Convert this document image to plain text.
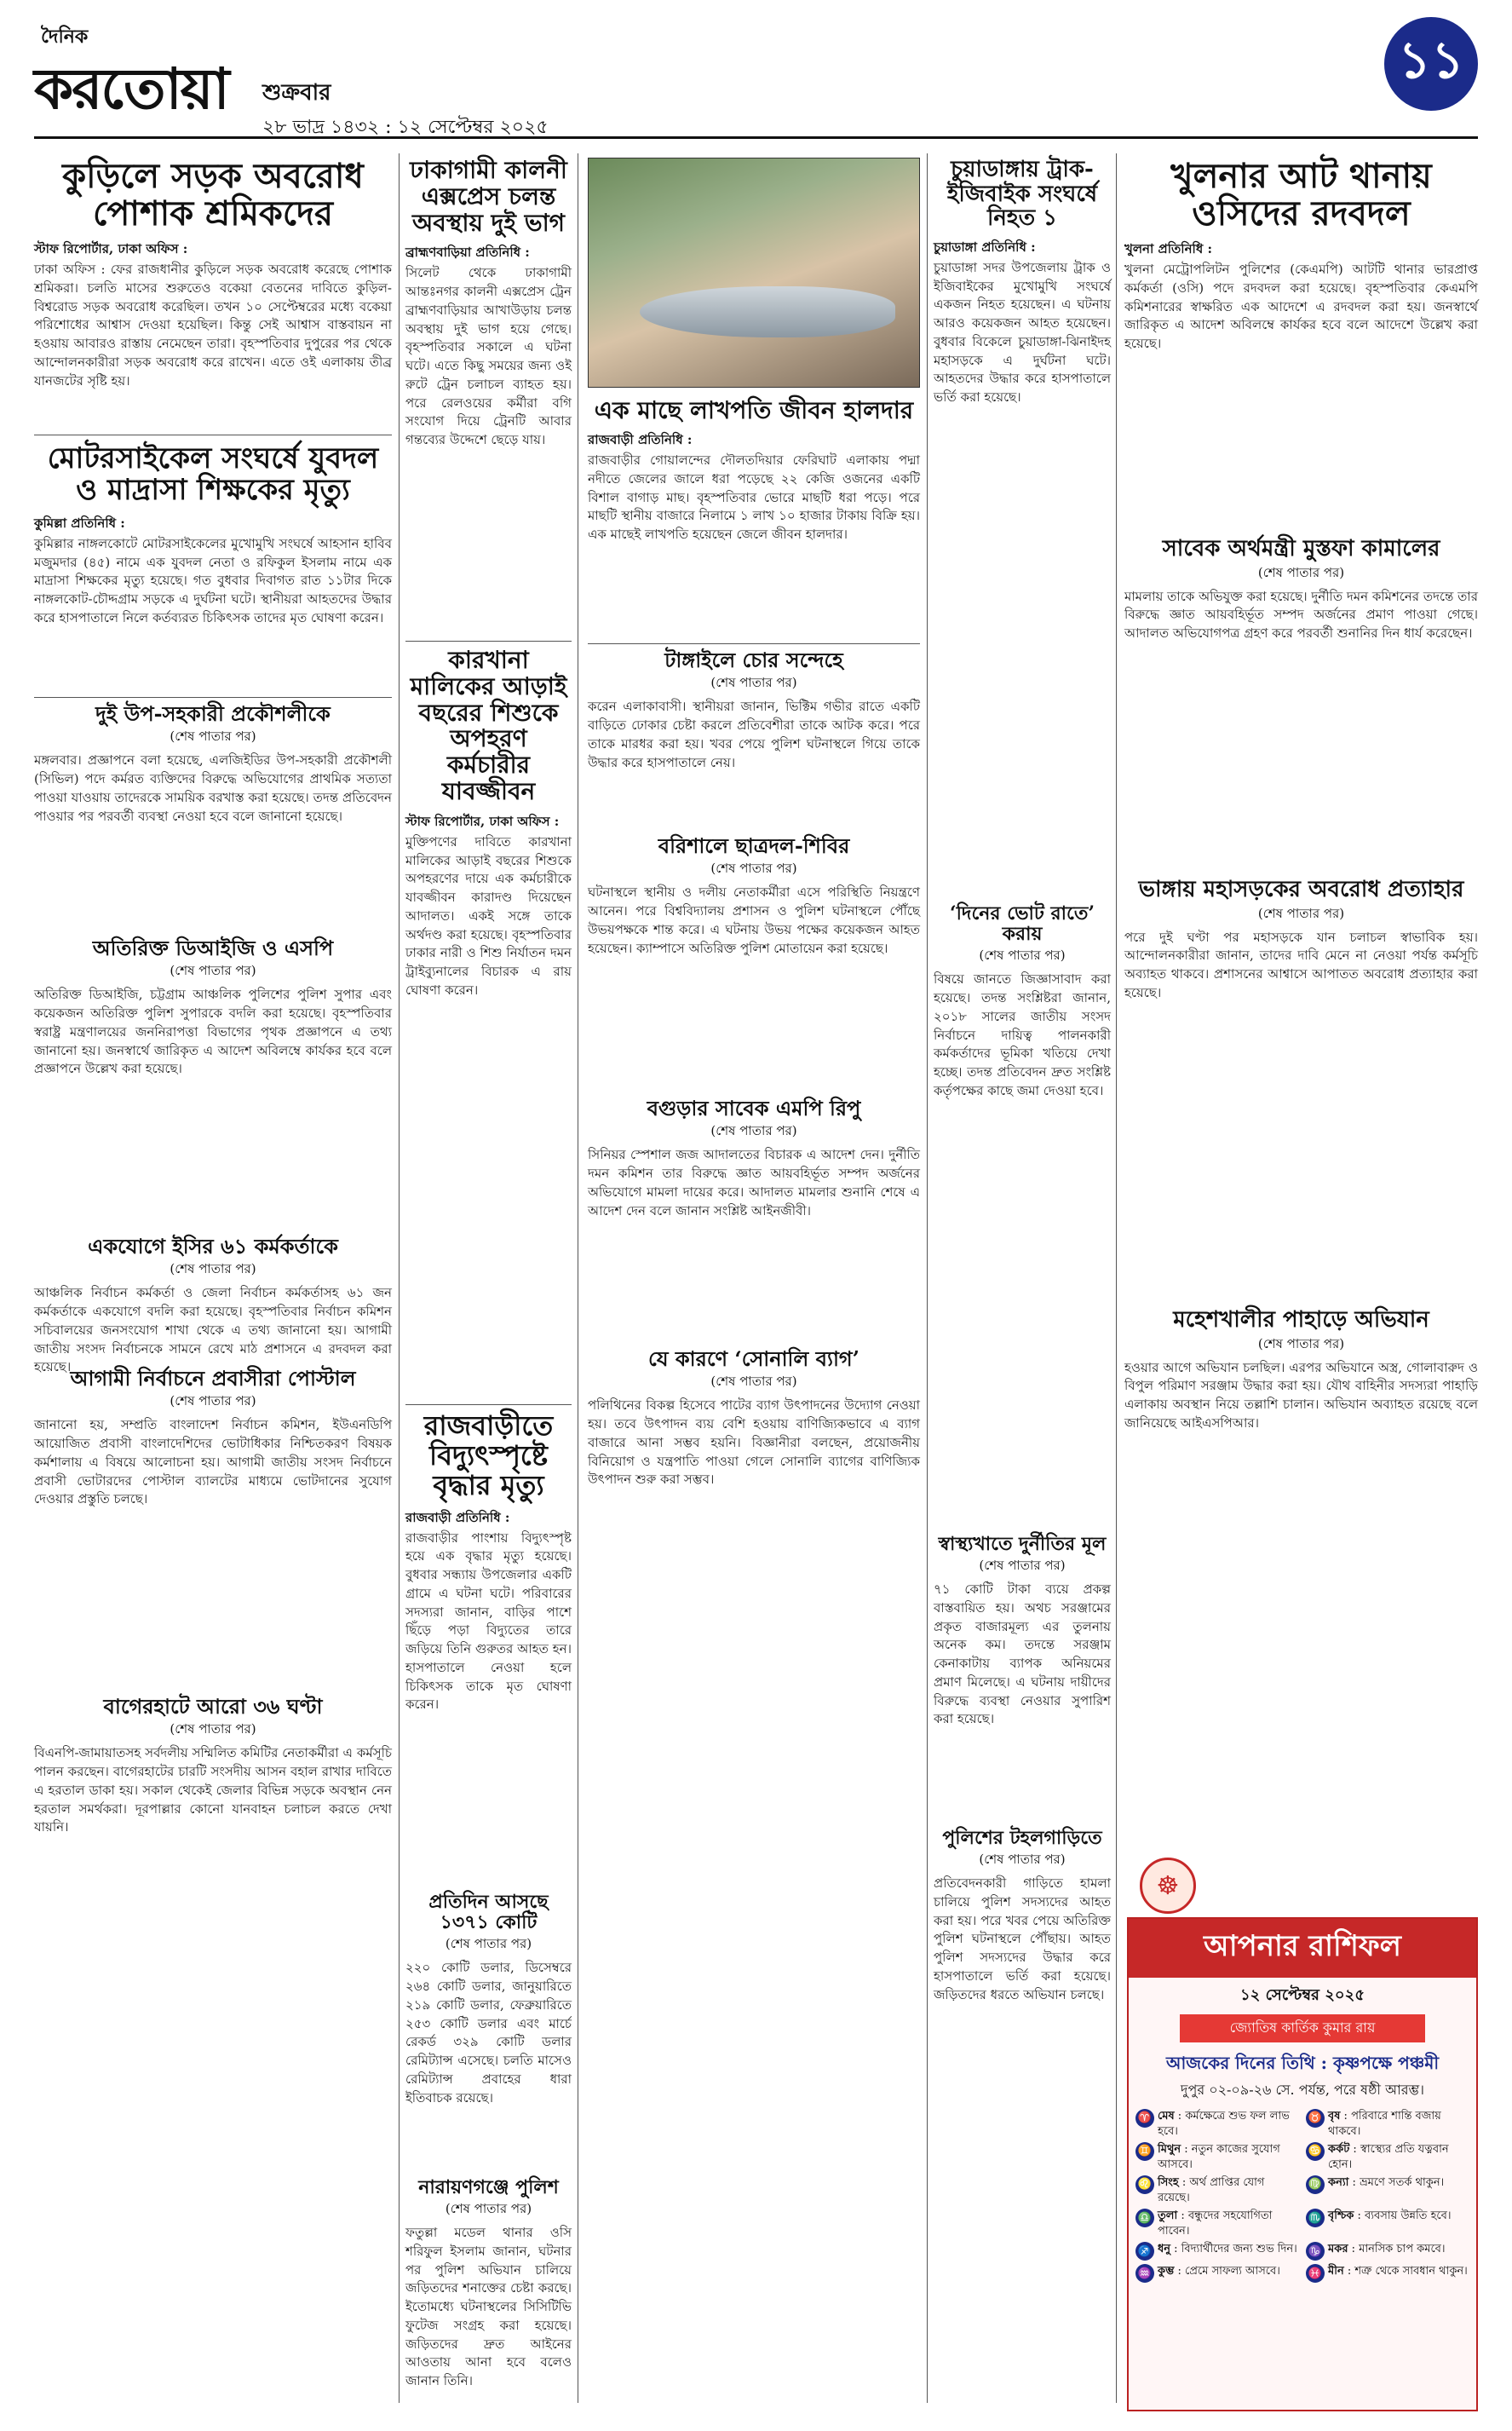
দৈনিক
করতোয়া শুক্রবার
২৮ ভাদ্র ১৪৩২ : ১২ সেপ্টেম্বর ২০২৫
১১
কুড়িলে সড়ক অবরোধ পোশাক শ্রমিকদের
স্টাফ রিপোর্টার, ঢাকা অফিস :
ঢাকা অফিস : ফের রাজধানীর কুড়িলে সড়ক অবরোধ করেছে পোশাক শ্রমিকরা। চলতি মাসের শুরুতেও বকেয়া বেতনের দাবিতে কুড়িল-বিশ্বরোড সড়ক অবরোধ করেছিল। তখন ১০ সেপ্টেম্বরের মধ্যে বকেয়া পরিশোধের আশ্বাস দেওয়া হয়েছিল। কিন্তু সেই আশ্বাস বাস্তবায়ন না হওয়ায় আবারও রাস্তায় নেমেছেন তারা। বৃহস্পতিবার দুপুরের পর থেকে আন্দোলনকারীরা সড়ক অবরোধ করে রাখেন। এতে ওই এলাকায় তীব্র যানজটের সৃষ্টি হয়।
মোটরসাইকেল সংঘর্ষে যুবদল ও মাদ্রাসা শিক্ষকের মৃত্যু
কুমিল্লা প্রতিনিধি :
কুমিল্লার নাঙ্গলকোটে মোটরসাইকেলের মুখোমুখি সংঘর্ষে আহসান হাবিব মজুমদার (৪৫) নামে এক যুবদল নেতা ও রফিকুল ইসলাম নামে এক মাদ্রাসা শিক্ষকের মৃত্যু হয়েছে। গত বুধবার দিবাগত রাত ১১টার দিকে নাঙ্গলকোট-চৌদ্দগ্রাম সড়কে এ দুর্ঘটনা ঘটে। স্থানীয়রা আহতদের উদ্ধার করে হাসপাতালে নিলে কর্তব্যরত চিকিৎসক তাদের মৃত ঘোষণা করেন।
দুই উপ-সহকারী প্রকৌশলীকে
(শেষ পাতার পর)
মঙ্গলবার। প্রজ্ঞাপনে বলা হয়েছে, এলজিইডির উপ-সহকারী প্রকৌশলী (সিভিল) পদে কর্মরত ব্যক্তিদের বিরুদ্ধে অভিযোগের প্রাথমিক সত্যতা পাওয়া যাওয়ায় তাদেরকে সাময়িক বরখাস্ত করা হয়েছে। তদন্ত প্রতিবেদন পাওয়ার পর পরবর্তী ব্যবস্থা নেওয়া হবে বলে জানানো হয়েছে।
অতিরিক্ত ডিআইজি ও এসপি
(শেষ পাতার পর)
অতিরিক্ত ডিআইজি, চট্টগ্রাম আঞ্চলিক পুলিশের পুলিশ সুপার এবং কয়েকজন অতিরিক্ত পুলিশ সুপারকে বদলি করা হয়েছে। বৃহস্পতিবার স্বরাষ্ট্র মন্ত্রণালয়ের জননিরাপত্তা বিভাগের পৃথক প্রজ্ঞাপনে এ তথ্য জানানো হয়। জনস্বার্থে জারিকৃত এ আদেশ অবিলম্বে কার্যকর হবে বলে প্রজ্ঞাপনে উল্লেখ করা হয়েছে।
একযোগে ইসির ৬১ কর্মকর্তাকে
(শেষ পাতার পর)
আঞ্চলিক নির্বাচন কর্মকর্তা ও জেলা নির্বাচন কর্মকর্তাসহ ৬১ জন কর্মকর্তাকে একযোগে বদলি করা হয়েছে। বৃহস্পতিবার নির্বাচন কমিশন সচিবালয়ের জনসংযোগ শাখা থেকে এ তথ্য জানানো হয়। আগামী জাতীয় সংসদ নির্বাচনকে সামনে রেখে মাঠ প্রশাসনে এ রদবদল করা হয়েছে। আগামী নির্বাচনে প্রবাসীরা পোস্টাল
(শেষ পাতার পর)
জানানো হয়, সম্প্রতি বাংলাদেশ নির্বাচন কমিশন, ইউএনডিপি আয়োজিত প্রবাসী বাংলাদেশিদের ভোটাধিকার নিশ্চিতকরণ বিষয়ক কর্মশালায় এ বিষয়ে আলোচনা হয়। আগামী জাতীয় সংসদ নির্বাচনে প্রবাসী ভোটারদের পোস্টাল ব্যালটের মাধ্যমে ভোটদানের সুযোগ দেওয়ার প্রস্তুতি চলছে।
বাগেরহাটে আরো ৩৬ ঘণ্টা
(শেষ পাতার পর)
বিএনপি-জামায়াতসহ সর্বদলীয় সম্মিলিত কমিটির নেতাকর্মীরা এ কর্মসূচি পালন করছেন। বাগেরহাটের চারটি সংসদীয় আসন বহাল রাখার দাবিতে এ হরতাল ডাকা হয়। সকাল থেকেই জেলার বিভিন্ন সড়কে অবস্থান নেন হরতাল সমর্থকরা। দূরপাল্লার কোনো যানবাহন চলাচল করতে দেখা যায়নি।
ঢাকাগামী কালনী এক্সপ্রেস চলন্ত অবস্থায় দুই ভাগ
ব্রাহ্মণবাড়িয়া প্রতিনিধি :
সিলেট থেকে ঢাকাগামী আন্তঃনগর কালনী এক্সপ্রেস ট্রেন ব্রাহ্মণবাড়িয়ার আখাউড়ায় চলন্ত অবস্থায় দুই ভাগ হয়ে গেছে। বৃহস্পতিবার সকালে এ ঘটনা ঘটে। এতে কিছু সময়ের জন্য ওই রুটে ট্রেন চলাচল ব্যাহত হয়। পরে রেলওয়ের কর্মীরা বগি সংযোগ দিয়ে ট্রেনটি আবার গন্তব্যের উদ্দেশে ছেড়ে যায়।
কারখানা মালিকের আড়াই বছরের শিশুকে অপহরণ কর্মচারীর যাবজ্জীবন
স্টাফ রিপোর্টার, ঢাকা অফিস :
মুক্তিপণের দাবিতে কারখানা মালিকের আড়াই বছরের শিশুকে অপহরণের দায়ে এক কর্মচারীকে যাবজ্জীবন কারাদণ্ড দিয়েছেন আদালত। একই সঙ্গে তাকে অর্থদণ্ড করা হয়েছে। বৃহস্পতিবার ঢাকার নারী ও শিশু নির্যাতন দমন ট্রাইব্যুনালের বিচারক এ রায় ঘোষণা করেন।
রাজবাড়ীতে বিদ্যুৎস্পৃষ্টে বৃদ্ধার মৃত্যু
রাজবাড়ী প্রতিনিধি :
রাজবাড়ীর পাংশায় বিদ্যুৎস্পৃষ্ট হয়ে এক বৃদ্ধার মৃত্যু হয়েছে। বুধবার সন্ধ্যায় উপজেলার একটি গ্রামে এ ঘটনা ঘটে। পরিবারের সদস্যরা জানান, বাড়ির পাশে ছিঁড়ে পড়া বিদ্যুতের তারে জড়িয়ে তিনি গুরুতর আহত হন। হাসপাতালে নেওয়া হলে চিকিৎসক তাকে মৃত ঘোষণা করেন।
প্রতিদিন আসছে ১৩৭১ কোটি
(শেষ পাতার পর)
২২০ কোটি ডলার, ডিসেম্বরে ২৬৪ কোটি ডলার, জানুয়ারিতে ২১৯ কোটি ডলার, ফেব্রুয়ারিতে ২৫৩ কোটি ডলার এবং মার্চে রেকর্ড ৩২৯ কোটি ডলার রেমিট্যান্স এসেছে। চলতি মাসেও রেমিট্যান্স প্রবাহের ধারা ইতিবাচক রয়েছে।
নারায়ণগঞ্জে পুলিশ
(শেষ পাতার পর)
ফতুল্লা মডেল থানার ওসি শরিফুল ইসলাম জানান, ঘটনার পর পুলিশ অভিযান চালিয়ে জড়িতদের শনাক্তের চেষ্টা করছে। ইতোমধ্যে ঘটনাস্থলের সিসিটিভি ফুটেজ সংগ্রহ করা হয়েছে। জড়িতদের দ্রুত আইনের আওতায় আনা হবে বলেও জানান তিনি।
এক মাছে লাখপতি জীবন হালদার
রাজবাড়ী প্রতিনিধি :
রাজবাড়ীর গোয়ালন্দের দৌলতদিয়ার ফেরিঘাট এলাকায় পদ্মা নদীতে জেলের জালে ধরা পড়েছে ২২ কেজি ওজনের একটি বিশাল বাগাড় মাছ। বৃহস্পতিবার ভোরে মাছটি ধরা পড়ে। পরে মাছটি স্থানীয় বাজারে নিলামে ১ লাখ ১০ হাজার টাকায় বিক্রি হয়। এক মাছেই লাখপতি হয়েছেন জেলে জীবন হালদার।
টাঙ্গাইলে চোর সন্দেহে
(শেষ পাতার পর)
করেন এলাকাবাসী। স্থানীয়রা জানান, ভিক্টিম গভীর রাতে একটি বাড়িতে ঢোকার চেষ্টা করলে প্রতিবেশীরা তাকে আটক করে। পরে তাকে মারধর করা হয়। খবর পেয়ে পুলিশ ঘটনাস্থলে গিয়ে তাকে উদ্ধার করে হাসপাতালে নেয়।
বরিশালে ছাত্রদল-শিবির
(শেষ পাতার পর)
ঘটনাস্থলে স্থানীয় ও দলীয় নেতাকর্মীরা এসে পরিস্থিতি নিয়ন্ত্রণে আনেন। পরে বিশ্ববিদ্যালয় প্রশাসন ও পুলিশ ঘটনাস্থলে পৌঁছে উভয়পক্ষকে শান্ত করে। এ ঘটনায় উভয় পক্ষের কয়েকজন আহত হয়েছেন। ক্যাম্পাসে অতিরিক্ত পুলিশ মোতায়েন করা হয়েছে।
বগুড়ার সাবেক এমপি রিপু
(শেষ পাতার পর)
সিনিয়র স্পেশাল জজ আদালতের বিচারক এ আদেশ দেন। দুর্নীতি দমন কমিশন তার বিরুদ্ধে জ্ঞাত আয়বহির্ভূত সম্পদ অর্জনের অভিযোগে মামলা দায়ের করে। আদালত মামলার শুনানি শেষে এ আদেশ দেন বলে জানান সংশ্লিষ্ট আইনজীবী।
যে কারণে ‘সোনালি ব্যাগ’
(শেষ পাতার পর)
পলিথিনের বিকল্প হিসেবে পাটের ব্যাগ উৎপাদনের উদ্যোগ নেওয়া হয়। তবে উৎপাদন ব্যয় বেশি হওয়ায় বাণিজ্যিকভাবে এ ব্যাগ বাজারে আনা সম্ভব হয়নি। বিজ্ঞানীরা বলছেন, প্রয়োজনীয় বিনিয়োগ ও যন্ত্রপাতি পাওয়া গেলে সোনালি ব্যাগের বাণিজ্যিক উৎপাদন শুরু করা সম্ভব।
চুয়াডাঙ্গায় ট্রাক-ইজিবাইক সংঘর্ষে নিহত ১
চুয়াডাঙ্গা প্রতিনিধি :
চুয়াডাঙ্গা সদর উপজেলায় ট্রাক ও ইজিবাইকের মুখোমুখি সংঘর্ষে একজন নিহত হয়েছেন। এ ঘটনায় আরও কয়েকজন আহত হয়েছেন। বুধবার বিকেলে চুয়াডাঙ্গা-ঝিনাইদহ মহাসড়কে এ দুর্ঘটনা ঘটে। আহতদের উদ্ধার করে হাসপাতালে ভর্তি করা হয়েছে।
‘দিনের ভোট রাতে’ করায়
(শেষ পাতার পর)
বিষয়ে জানতে জিজ্ঞাসাবাদ করা হয়েছে। তদন্ত সংশ্লিষ্টরা জানান, ২০১৮ সালের জাতীয় সংসদ নির্বাচনে দায়িত্ব পালনকারী কর্মকর্তাদের ভূমিকা খতিয়ে দেখা হচ্ছে। তদন্ত প্রতিবেদন দ্রুত সংশ্লিষ্ট কর্তৃপক্ষের কাছে জমা দেওয়া হবে।
স্বাস্থ্যখাতে দুর্নীতির মূল
(শেষ পাতার পর)
৭১ কোটি টাকা ব্যয়ে প্রকল্প বাস্তবায়িত হয়। অথচ সরঞ্জামের প্রকৃত বাজারমূল্য এর তুলনায় অনেক কম। তদন্তে সরঞ্জাম কেনাকাটায় ব্যাপক অনিয়মের প্রমাণ মিলেছে। এ ঘটনায় দায়ীদের বিরুদ্ধে ব্যবস্থা নেওয়ার সুপারিশ করা হয়েছে।
পুলিশের টহলগাড়িতে
(শেষ পাতার পর)
প্রতিবেদনকারী গাড়িতে হামলা চালিয়ে পুলিশ সদস্যদের আহত করা হয়। পরে খবর পেয়ে অতিরিক্ত পুলিশ ঘটনাস্থলে পৌঁছায়। আহত পুলিশ সদস্যদের উদ্ধার করে হাসপাতালে ভর্তি করা হয়েছে। জড়িতদের ধরতে অভিযান চলছে।
খুলনার আট থানায় ওসিদের রদবদল
খুলনা প্রতিনিধি :
খুলনা মেট্রোপলিটন পুলিশের (কেএমপি) আটটি থানার ভারপ্রাপ্ত কর্মকর্তা (ওসি) পদে রদবদল করা হয়েছে। বৃহস্পতিবার কেএমপি কমিশনারের স্বাক্ষরিত এক আদেশে এ রদবদল করা হয়। জনস্বার্থে জারিকৃত এ আদেশ অবিলম্বে কার্যকর হবে বলে আদেশে উল্লেখ করা হয়েছে।
সাবেক অর্থমন্ত্রী মুস্তফা কামালের
(শেষ পাতার পর)
মামলায় তাকে অভিযুক্ত করা হয়েছে। দুর্নীতি দমন কমিশনের তদন্তে তার বিরুদ্ধে জ্ঞাত আয়বহির্ভূত সম্পদ অর্জনের প্রমাণ পাওয়া গেছে। আদালত অভিযোগপত্র গ্রহণ করে পরবর্তী শুনানির দিন ধার্য করেছেন।
ভাঙ্গায় মহাসড়কের অবরোধ প্রত্যাহার
(শেষ পাতার পর)
পরে দুই ঘণ্টা পর মহাসড়কে যান চলাচল স্বাভাবিক হয়। আন্দোলনকারীরা জানান, তাদের দাবি মেনে না নেওয়া পর্যন্ত কর্মসূচি অব্যাহত থাকবে। প্রশাসনের আশ্বাসে আপাতত অবরোধ প্রত্যাহার করা হয়েছে।
মহেশখালীর পাহাড়ে অভিযান
(শেষ পাতার পর)
হওয়ার আগে অভিযান চলছিল। এরপর অভিযানে অস্ত্র, গোলাবারুদ ও বিপুল পরিমাণ সরঞ্জাম উদ্ধার করা হয়। যৌথ বাহিনীর সদস্যরা পাহাড়ি এলাকায় অবস্থান নিয়ে তল্লাশি চালান। অভিযান অব্যাহত রয়েছে বলে জানিয়েছে আইএসপিআর।
আপনার রাশিফল
১২ সেপ্টেম্বর ২০২৫
জ্যোতিষ কার্তিক কুমার রায়
আজকের দিনের তিথি : কৃষ্ণপক্ষে পঞ্চমী
দুপুর ০২-০৯-২৬ সে. পর্যন্ত, পরে ষষ্ঠী আরম্ভ।
♈ মেষ : কর্মক্ষেত্রে শুভ ফল লাভ হবে।
♉ বৃষ : পরিবারে শান্তি বজায় থাকবে।
♊ মিথুন : নতুন কাজের সুযোগ আসবে।
♋ কর্কট : স্বাস্থ্যের প্রতি যত্নবান হোন।
♌ সিংহ : অর্থ প্রাপ্তির যোগ রয়েছে।
♍ কন্যা : ভ্রমণে সতর্ক থাকুন।
♎ তুলা : বন্ধুদের সহযোগিতা পাবেন।
♏ বৃশ্চিক : ব্যবসায় উন্নতি হবে।
♐ ধনু : বিদ্যার্থীদের জন্য শুভ দিন। ♑ মকর : মানসিক চাপ কমবে।
♒ কুম্ভ : প্রেমে সাফল্য আসবে।	♓ মীন : শত্রু থেকে সাবধান থাকুন।
☸
